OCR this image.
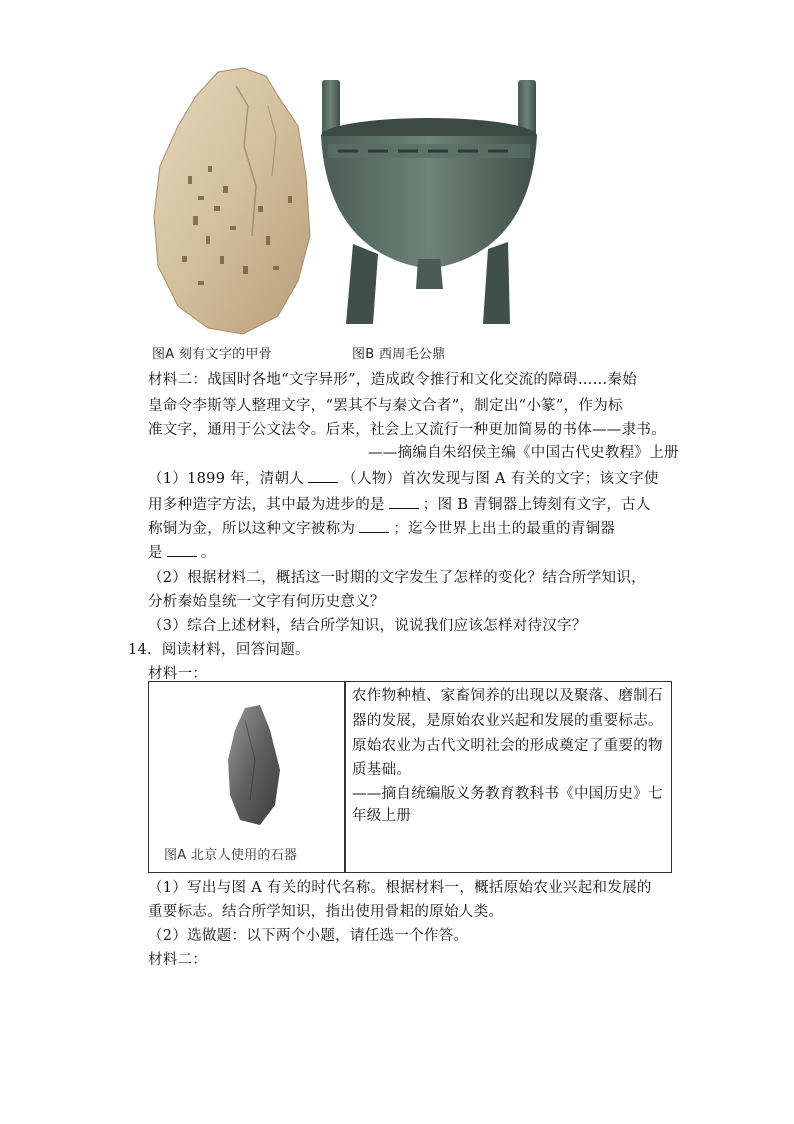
图A 刻有文字的甲骨	图B 西周毛公鼎
材料二：战国时各地“文字异形”，造成政令推行和文化交流的障碍……秦始
皇命令李斯等人整理文字，“罢其不与秦文合者”，制定出“小篆”，作为标
准文字，通用于公文法令。后来，社会上又流行一种更加简易的书体——隶书。
——摘编自朱绍侯主编《中国古代史教程》上册
（1）1899 年，清朝人	（人物）首次发现与图 A 有关的文字；该文字使
用多种造字方法，其中最为进步的是	；图 B 青铜器上铸刻有文字，古人
称铜为金，所以这种文字被称为	；迄今世界上出土的最重的青铜器
是	。
（2）根据材料二，概括这一时期的文字发生了怎样的变化？结合所学知识，
分析秦始皇统一文字有何历史意义？
（3）综合上述材料，结合所学知识，说说我们应该怎样对待汉字？
14．阅读材料，回答问题。
材料一：
图A 北京人使用的石器
农作物种植、家畜饲养的出现以及聚落、磨制石
器的发展，是原始农业兴起和发展的重要标志。
原始农业为古代文明社会的形成奠定了重要的物
质基础。
——摘自统编版义务教育教科书《中国历史》七
年级上册
（1）写出与图 A 有关的时代名称。根据材料一，概括原始农业兴起和发展的
重要标志。结合所学知识，指出使用骨耜的原始人类。
（2）选做题：以下两个小题，请任选一个作答。
材料二：
